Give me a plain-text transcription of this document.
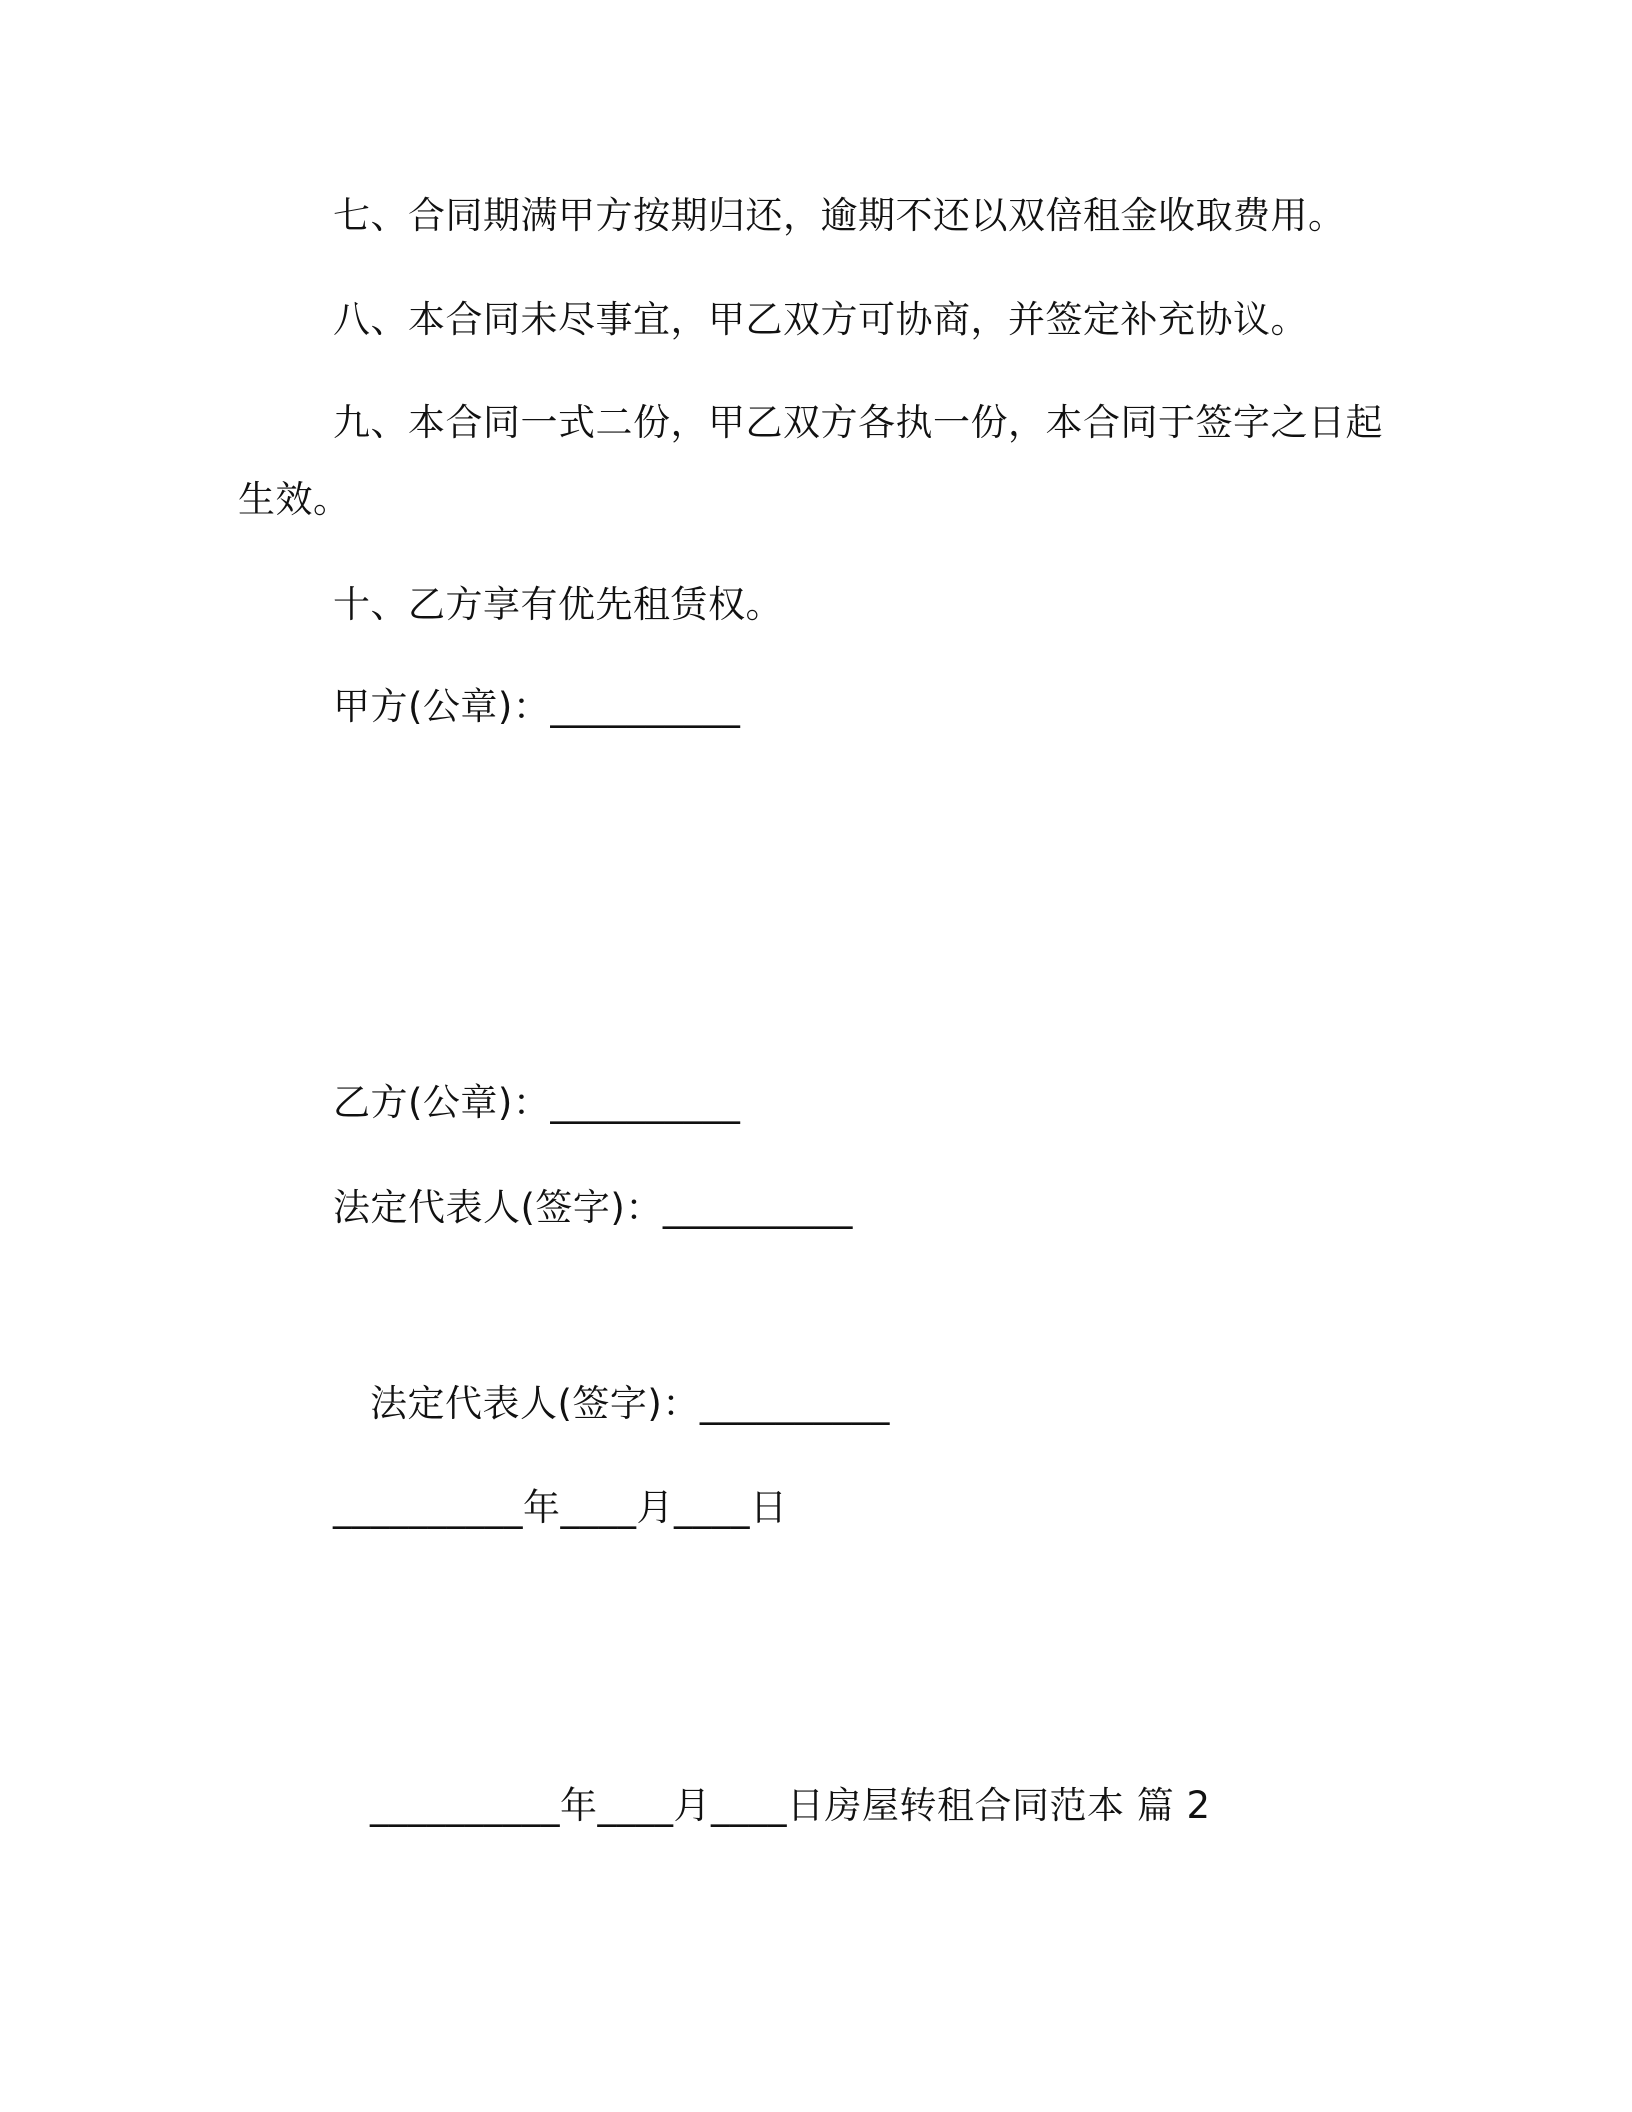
七、合同期满甲方按期归还，逾期不还以双倍租金收取费用。

八、本合同未尽事宜，甲乙双方可协商，并签定补充协议。

九、本合同一式二份，甲乙双方各执一份，本合同于签字之日起

生效。

十、乙方享有优先租赁权。

甲方(公章)：__________

乙方(公章)：__________

法定代表人(签字)：__________

法定代表人(签字)：__________

__________年____月____日

__________年____月____日房屋转租合同范本 篇 2
